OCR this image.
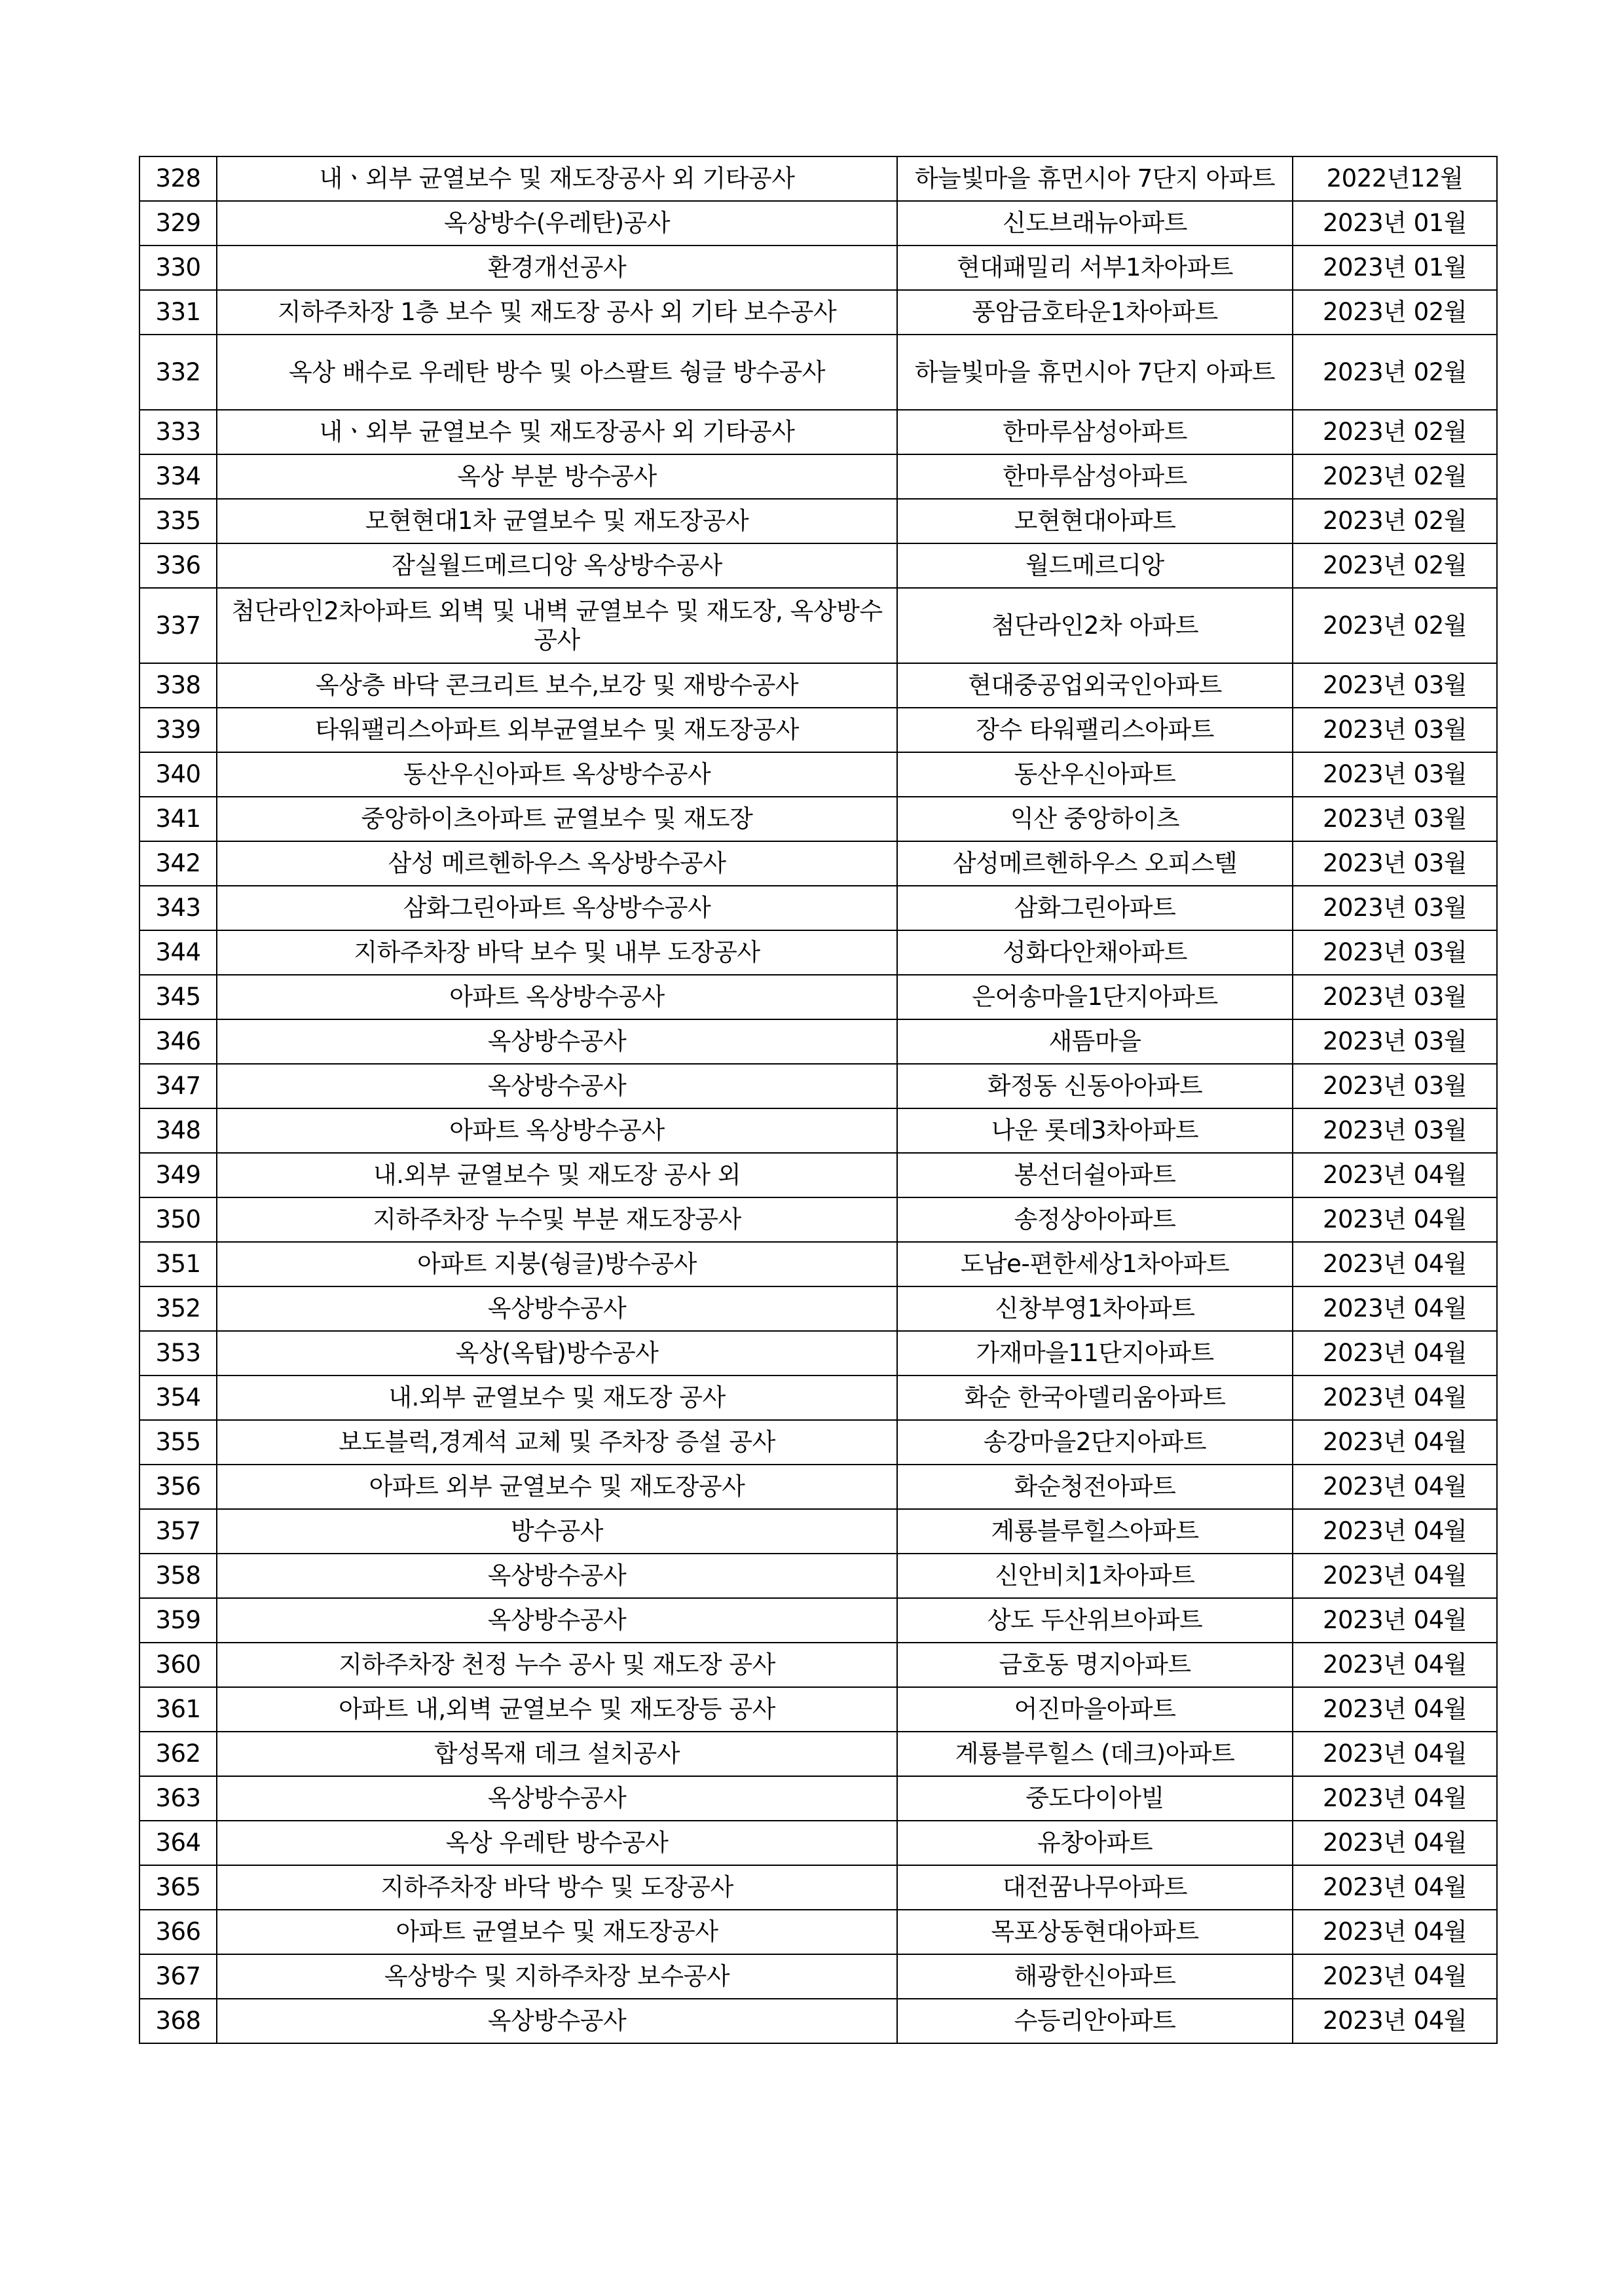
328	내ㆍ외부 균열보수 및 재도장공사 외 기타공사	하늘빛마을 휴먼시아 7단지 아파트	2022년12월
329	옥상방수(우레탄)공사	신도브래뉴아파트	2023년 01월
330	환경개선공사	현대패밀리 서부1차아파트	2023년 01월
331	지하주차장 1층 보수 및 재도장 공사 외 기타 보수공사	풍암금호타운1차아파트	2023년 02월
332	옥상 배수로 우레탄 방수 및 아스팔트 쉉글 방수공사	하늘빛마을 휴먼시아 7단지 아파트	2023년 02월
333	내ㆍ외부 균열보수 및 재도장공사 외 기타공사	한마루삼성아파트	2023년 02월
334	옥상 부분 방수공사	한마루삼성아파트	2023년 02월
335	모현현대1차 균열보수 및 재도장공사	모현현대아파트	2023년 02월
336	잠실월드메르디앙 옥상방수공사	월드메르디앙	2023년 02월
337	첨단라인2차아파트 외벽 및 내벽 균열보수 및 재도장, 옥상방수공사	첨단라인2차 아파트	2023년 02월
338	옥상층 바닥 콘크리트 보수,보강 및 재방수공사	현대중공업외국인아파트	2023년 03월
339	타워팰리스아파트 외부균열보수 및 재도장공사	장수 타워팰리스아파트	2023년 03월
340	동산우신아파트 옥상방수공사	동산우신아파트	2023년 03월
341	중앙하이츠아파트 균열보수 및 재도장	익산 중앙하이츠	2023년 03월
342	삼성 메르헨하우스 옥상방수공사	삼성메르헨하우스 오피스텔	2023년 03월
343	삼화그린아파트 옥상방수공사	삼화그린아파트	2023년 03월
344	지하주차장 바닥 보수 및 내부 도장공사	성화다안채아파트	2023년 03월
345	아파트 옥상방수공사	은어송마을1단지아파트	2023년 03월
346	옥상방수공사	새뜸마을	2023년 03월
347	옥상방수공사	화정동 신동아아파트	2023년 03월
348	아파트 옥상방수공사	나운 롯데3차아파트	2023년 03월
349	내.외부 균열보수 및 재도장 공사 외	봉선더쉴아파트	2023년 04월
350	지하주차장 누수및 부분 재도장공사	송정상아아파트	2023년 04월
351	아파트 지붕(쉉글)방수공사	도남e-편한세상1차아파트	2023년 04월
352	옥상방수공사	신창부영1차아파트	2023년 04월
353	옥상(옥탑)방수공사	가재마을11단지아파트	2023년 04월
354	내.외부 균열보수 및 재도장 공사	화순 한국아델리움아파트	2023년 04월
355	보도블럭,경계석 교체 및 주차장 증설 공사	송강마을2단지아파트	2023년 04월
356	아파트 외부 균열보수 및 재도장공사	화순청전아파트	2023년 04월
357	방수공사	계룡블루힐스아파트	2023년 04월
358	옥상방수공사	신안비치1차아파트	2023년 04월
359	옥상방수공사	상도 두산위브아파트	2023년 04월
360	지하주차장 천정 누수 공사 및 재도장 공사	금호동 명지아파트	2023년 04월
361	아파트 내,외벽 균열보수 및 재도장등 공사	어진마을아파트	2023년 04월
362	합성목재 데크 설치공사	계룡블루힐스 (데크)아파트	2023년 04월
363	옥상방수공사	중도다이아빌	2023년 04월
364	옥상 우레탄 방수공사	유창아파트	2023년 04월
365	지하주차장 바닥 방수 및 도장공사	대전꿈나무아파트	2023년 04월
366	아파트 균열보수 및 재도장공사	목포상동현대아파트	2023년 04월
367	옥상방수 및 지하주차장 보수공사	해광한신아파트	2023년 04월
368	옥상방수공사	수등리안아파트	2023년 04월
